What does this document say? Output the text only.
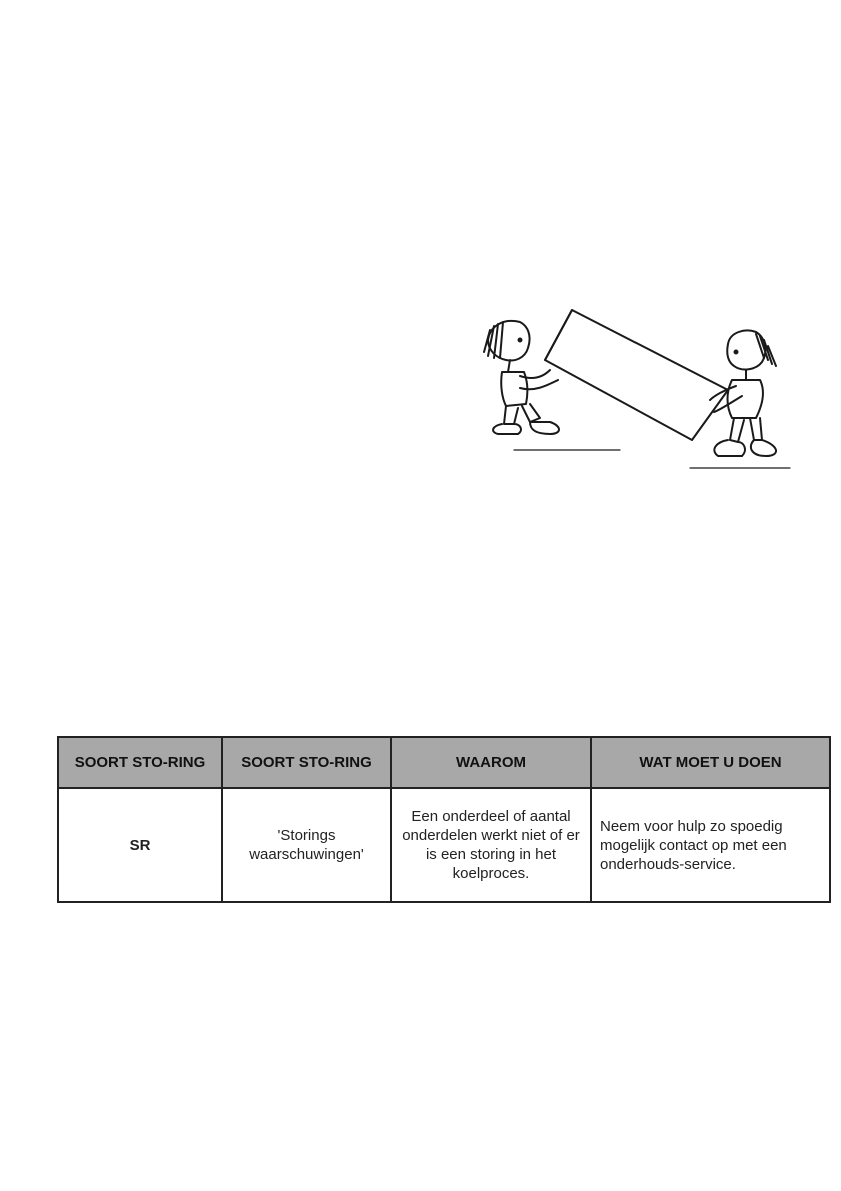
SOORT STO-RING	SOORT STO-RING	WAAROM	WAT MOET U DOEN
SR	'Storings waarschuwingen'	Een onderdeel of aantal onderdelen werkt niet of er is een storing in het koelproces.	Neem voor hulp zo spoedig mogelijk contact op met een onderhouds-service.
